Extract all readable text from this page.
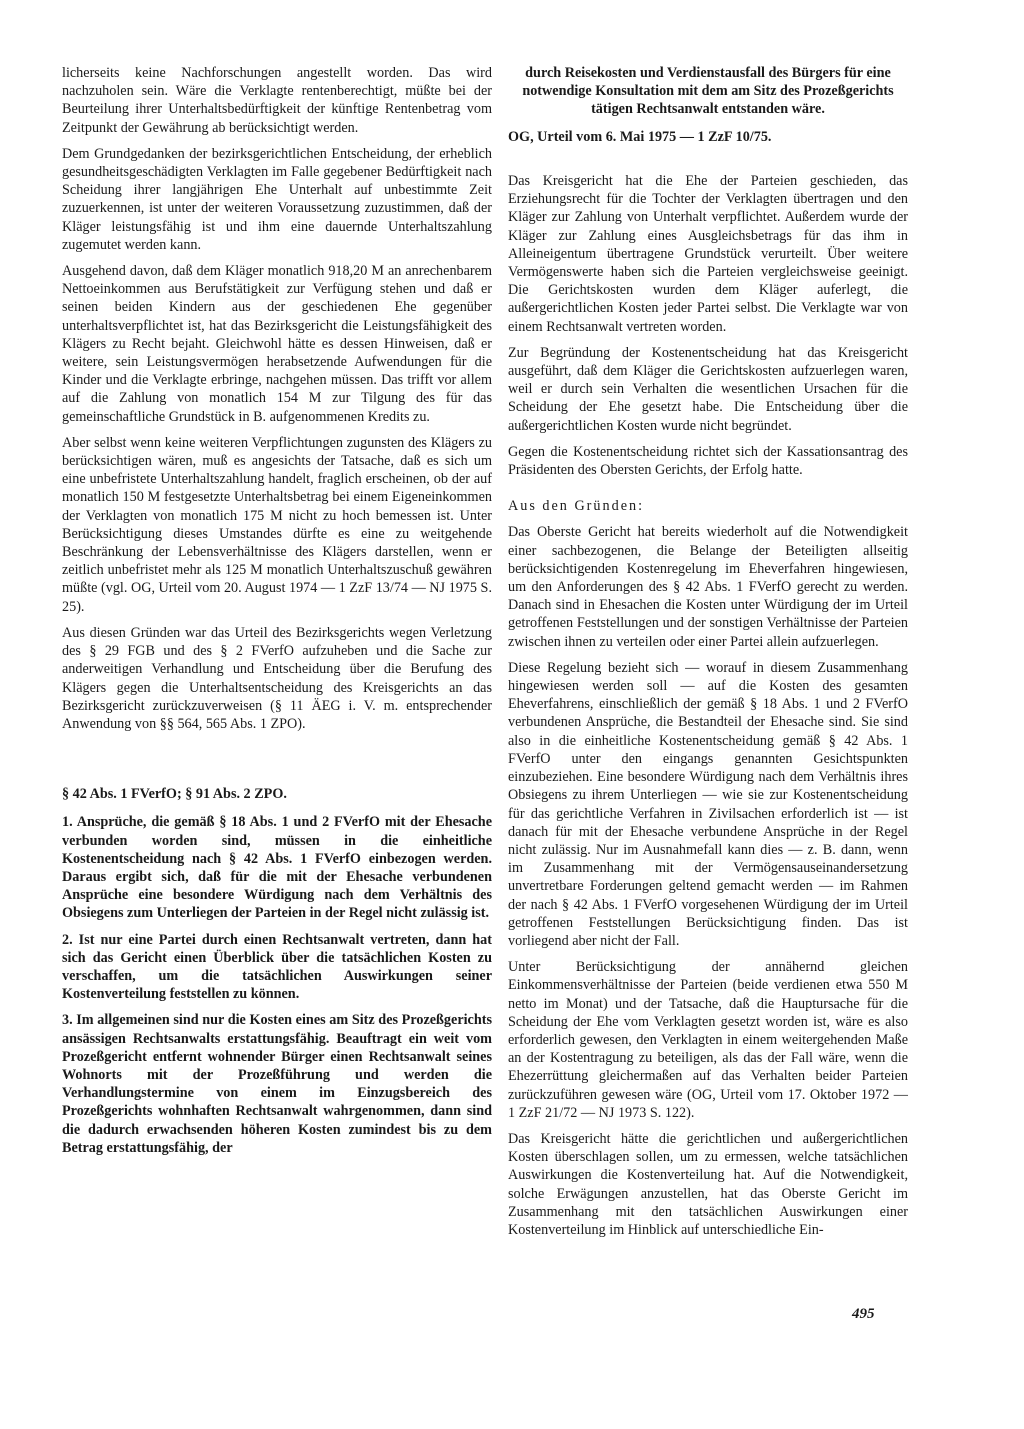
licherseits keine Nachforschungen angestellt worden. Das wird nachzuholen sein. Wäre die Verklagte rentenberechtigt, müßte bei der Beurteilung ihrer Unterhaltsbedürftigkeit der künftige Rentenbetrag vom Zeitpunkt der Gewährung ab berücksichtigt werden.

Dem Grundgedanken der bezirksgerichtlichen Entscheidung, der erheblich gesundheitsgeschädigten Verklagten im Falle gegebener Bedürftigkeit nach Scheidung ihrer langjährigen Ehe Unterhalt auf unbestimmte Zeit zuzuerkennen, ist unter der weiteren Voraussetzung zuzustimmen, daß der Kläger leistungsfähig ist und ihm eine dauernde Unterhaltszahlung zugemutet werden kann.

Ausgehend davon, daß dem Kläger monatlich 918,20 M an anrechenbarem Nettoeinkommen aus Berufstätigkeit zur Verfügung stehen und daß er seinen beiden Kindern aus der geschiedenen Ehe gegenüber unterhaltsverpflichtet ist, hat das Bezirksgericht die Leistungsfähigkeit des Klägers zu Recht bejaht. Gleichwohl hätte es dessen Hinweisen, daß er weitere, sein Leistungsvermögen herabsetzende Aufwendungen für die Kinder und die Verklagte erbringe, nachgehen müssen. Das trifft vor allem auf die Zahlung von monatlich 154 M zur Tilgung des für das gemeinschaftliche Grundstück in B. aufgenommenen Kredits zu.

Aber selbst wenn keine weiteren Verpflichtungen zugunsten des Klägers zu berücksichtigen wären, muß es angesichts der Tatsache, daß es sich um eine unbefristete Unterhaltszahlung handelt, fraglich erscheinen, ob der auf monatlich 150 M festgesetzte Unterhaltsbetrag bei einem Eigeneinkommen der Verklagten von monatlich 175 M nicht zu hoch bemessen ist. Unter Berücksichtigung dieses Umstandes dürfte es eine zu weitgehende Beschränkung der Lebensverhältnisse des Klägers darstellen, wenn er zeitlich unbefristet mehr als 125 M monatlich Unterhaltszuschuß gewähren müßte (vgl. OG, Urteil vom 20. August 1974 — 1 ZzF 13/74 — NJ 1975 S. 25).

Aus diesen Gründen war das Urteil des Bezirksgerichts wegen Verletzung des § 29 FGB und des § 2 FVerfO aufzuheben und die Sache zur anderweitigen Verhandlung und Entscheidung über die Berufung des Klägers gegen die Unterhaltsentscheidung des Kreisgerichts an das Bezirksgericht zurückzuverweisen (§ 11 ÄEG i. V. m. entsprechender Anwendung von §§ 564, 565 Abs. 1 ZPO).

§ 42 Abs. 1 FVerfO; § 91 Abs. 2 ZPO.

1. Ansprüche, die gemäß § 18 Abs. 1 und 2 FVerfO mit der Ehesache verbunden worden sind, müssen in die einheitliche Kostenentscheidung nach § 42 Abs. 1 FVerfO einbezogen werden. Daraus ergibt sich, daß für die mit der Ehesache verbundenen Ansprüche eine besondere Würdigung nach dem Verhältnis des Obsiegens zum Unterliegen der Parteien in der Regel nicht zulässig ist.

2. Ist nur eine Partei durch einen Rechtsanwalt vertreten, dann hat sich das Gericht einen Überblick über die tatsächlichen Kosten zu verschaffen, um die tatsächlichen Auswirkungen seiner Kostenverteilung feststellen zu können.

3. Im allgemeinen sind nur die Kosten eines am Sitz des Prozeßgerichts ansässigen Rechtsanwalts erstattungsfähig. Beauftragt ein weit vom Prozeßgericht entfernt wohnender Bürger einen Rechtsanwalt seines Wohnorts mit der Prozeßführung und werden die Verhandlungstermine von einem im Einzugsbereich des Prozeßgerichts wohnhaften Rechtsanwalt wahrgenommen, dann sind die dadurch erwachsenden höheren Kosten zumindest bis zu dem Betrag erstattungsfähig, der

durch Reisekosten und Verdienstausfall des Bürgers für eine notwendige Konsultation mit dem am Sitz des Prozeßgerichts tätigen Rechtsanwalt entstanden wäre.

OG, Urteil vom 6. Mai 1975 — 1 ZzF 10/75.

Das Kreisgericht hat die Ehe der Parteien geschieden, das Erziehungsrecht für die Tochter der Verklagten übertragen und den Kläger zur Zahlung von Unterhalt verpflichtet. Außerdem wurde der Kläger zur Zahlung eines Ausgleichsbetrags für das ihm in Alleineigentum übertragene Grundstück verurteilt. Über weitere Vermögenswerte haben sich die Parteien vergleichsweise geeinigt. Die Gerichtskosten wurden dem Kläger auferlegt, die außergerichtlichen Kosten jeder Partei selbst. Die Verklagte war von einem Rechtsanwalt vertreten worden.

Zur Begründung der Kostenentscheidung hat das Kreisgericht ausgeführt, daß dem Kläger die Gerichtskosten aufzuerlegen waren, weil er durch sein Verhalten die wesentlichen Ursachen für die Scheidung der Ehe gesetzt habe. Die Entscheidung über die außergerichtlichen Kosten wurde nicht begründet.

Gegen die Kostenentscheidung richtet sich der Kassationsantrag des Präsidenten des Obersten Gerichts, der Erfolg hatte.

Aus den Gründen:

Das Oberste Gericht hat bereits wiederholt auf die Notwendigkeit einer sachbezogenen, die Belange der Beteiligten allseitig berücksichtigenden Kostenregelung im Eheverfahren hingewiesen, um den Anforderungen des § 42 Abs. 1 FVerfO gerecht zu werden. Danach sind in Ehesachen die Kosten unter Würdigung der im Urteil getroffenen Feststellungen und der sonstigen Verhältnisse der Parteien zwischen ihnen zu verteilen oder einer Partei allein aufzuerlegen.

Diese Regelung bezieht sich — worauf in diesem Zusammenhang hingewiesen werden soll — auf die Kosten des gesamten Eheverfahrens, einschließlich der gemäß § 18 Abs. 1 und 2 FVerfO verbundenen Ansprüche, die Bestandteil der Ehesache sind. Sie sind also in die einheitliche Kostenentscheidung gemäß § 42 Abs. 1 FVerfO unter den eingangs genannten Gesichtspunkten einzubeziehen. Eine besondere Würdigung nach dem Verhältnis ihres Obsiegens zu ihrem Unterliegen — wie sie zur Kostenentscheidung für das gerichtliche Verfahren in Zivilsachen erforderlich ist — ist danach für mit der Ehesache verbundene Ansprüche in der Regel nicht zulässig. Nur im Ausnahmefall kann dies — z. B. dann, wenn im Zusammenhang mit der Vermögensauseinandersetzung unvertretbare Forderungen geltend gemacht werden — im Rahmen der nach § 42 Abs. 1 FVerfO vorgesehenen Würdigung der im Urteil getroffenen Feststellungen Berücksichtigung finden. Das ist vorliegend aber nicht der Fall.

Unter Berücksichtigung der annähernd gleichen Einkommensverhältnisse der Parteien (beide verdienen etwa 550 M netto im Monat) und der Tatsache, daß die Hauptursache für die Scheidung der Ehe vom Verklagten gesetzt worden ist, wäre es also erforderlich gewesen, den Verklagten in einem weitergehenden Maße an der Kostentragung zu beteiligen, als das der Fall wäre, wenn die Ehezerrüttung gleichermaßen auf das Verhalten beider Parteien zurückzuführen gewesen wäre (OG, Urteil vom 17. Oktober 1972 — 1 ZzF 21/72 — NJ 1973 S. 122).

Das Kreisgericht hätte die gerichtlichen und außergerichtlichen Kosten überschlagen sollen, um zu ermessen, welche tatsächlichen Auswirkungen die Kostenverteilung hat. Auf die Notwendigkeit, solche Erwägungen anzustellen, hat das Oberste Gericht im Zusammenhang mit den tatsächlichen Auswirkungen einer Kostenverteilung im Hinblick auf unterschiedliche Ein-

495
